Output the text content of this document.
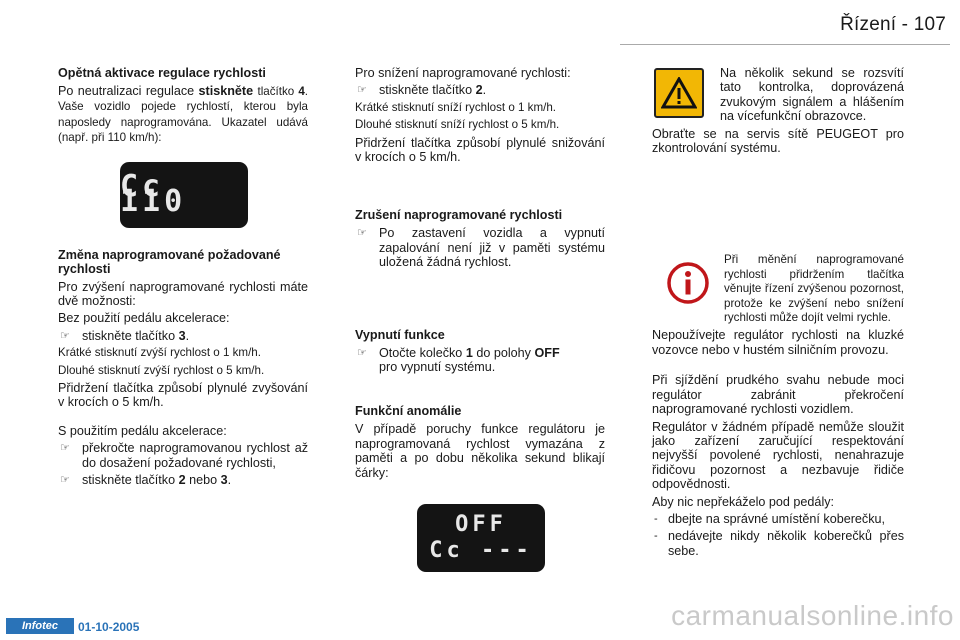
Řízení - 107
Opětná aktivace regulace rychlosti

Po neutralizaci regulace stiskněte tlačítko 4. Vaše vozidlo pojede rychlostí, kterou byla naposledy naprogramována. Ukazatel udává (např. při 110 km/h):

Cc 110
Změna naprogramované požadované rychlosti

Pro zvýšení naprogramované rychlosti máte dvě možnosti:

Bez použití pedálu akcelerace:

☞ stiskněte tlačítko 3.

Krátké stisknutí zvýší rychlost o 1 km/h.

Dlouhé stisknutí zvýší rychlost o 5 km/h.

Přidržení tlačítka způsobí plynulé zvyšování v krocích o 5 km/h.

S použitím pedálu akcelerace:

☞ překročte naprogramovanou rychlost až do dosažení požadované rychlosti,
☞ stiskněte tlačítko 2 nebo 3.

Pro snížení naprogramované rychlosti:

☞ stiskněte tlačítko 2.

Krátké stisknutí sníží rychlost o 1 km/h.

Dlouhé stisknutí sníží rychlost o 5 km/h.

Přidržení tlačítka způsobí plynulé snižování v krocích o 5 km/h.

Zrušení naprogramované rychlosti
☞ Po zastavení vozidla a vypnutí zapalování není již v paměti systému uložená žádná rychlost.
Vypnutí funkce
☞ Otočte kolečko 1 do polohy OFF
pro vypnutí systému.
Funkční anomálie

V případě poruchy funkce regulátoru je naprogramovaná rychlost vymazána z paměti a po dobu několika sekund blikají čárky:

OFF
Cc ---

Na několik sekund se rozsvítí tato kontrolka, doprovázená zvukovým signálem a hlášením na vícefunkční obrazovce.

Obraťte se na servis sítě PEUGEOT pro zkontrolování systému.

Při měnění naprogramované rychlosti přidržením tlačítka věnujte řízení zvýšenou pozornost, protože ke zvýšení nebo snížení rychlosti může dojít velmi rychle.

Nepoužívejte regulátor rychlosti na kluzké vozovce nebo v hustém silničním provozu.

Při sjíždění prudkého svahu nebude moci regulátor zabránit překročení naprogramované rychlosti vozidlem.

Regulátor v žádném případě nemůže sloužit jako zařízení zaručující respektování nejvyšší povolené rychlosti, nenahrazuje řidičovu pozornost a nezbavuje řidiče odpovědnosti.

Aby nic nepřekáželo pod pedály:

- dbejte na správné umístění koberečku,
- nedávejte nikdy několik koberečků přes sebe.
Infotec	01-10-2005	carmanualsonline.info
